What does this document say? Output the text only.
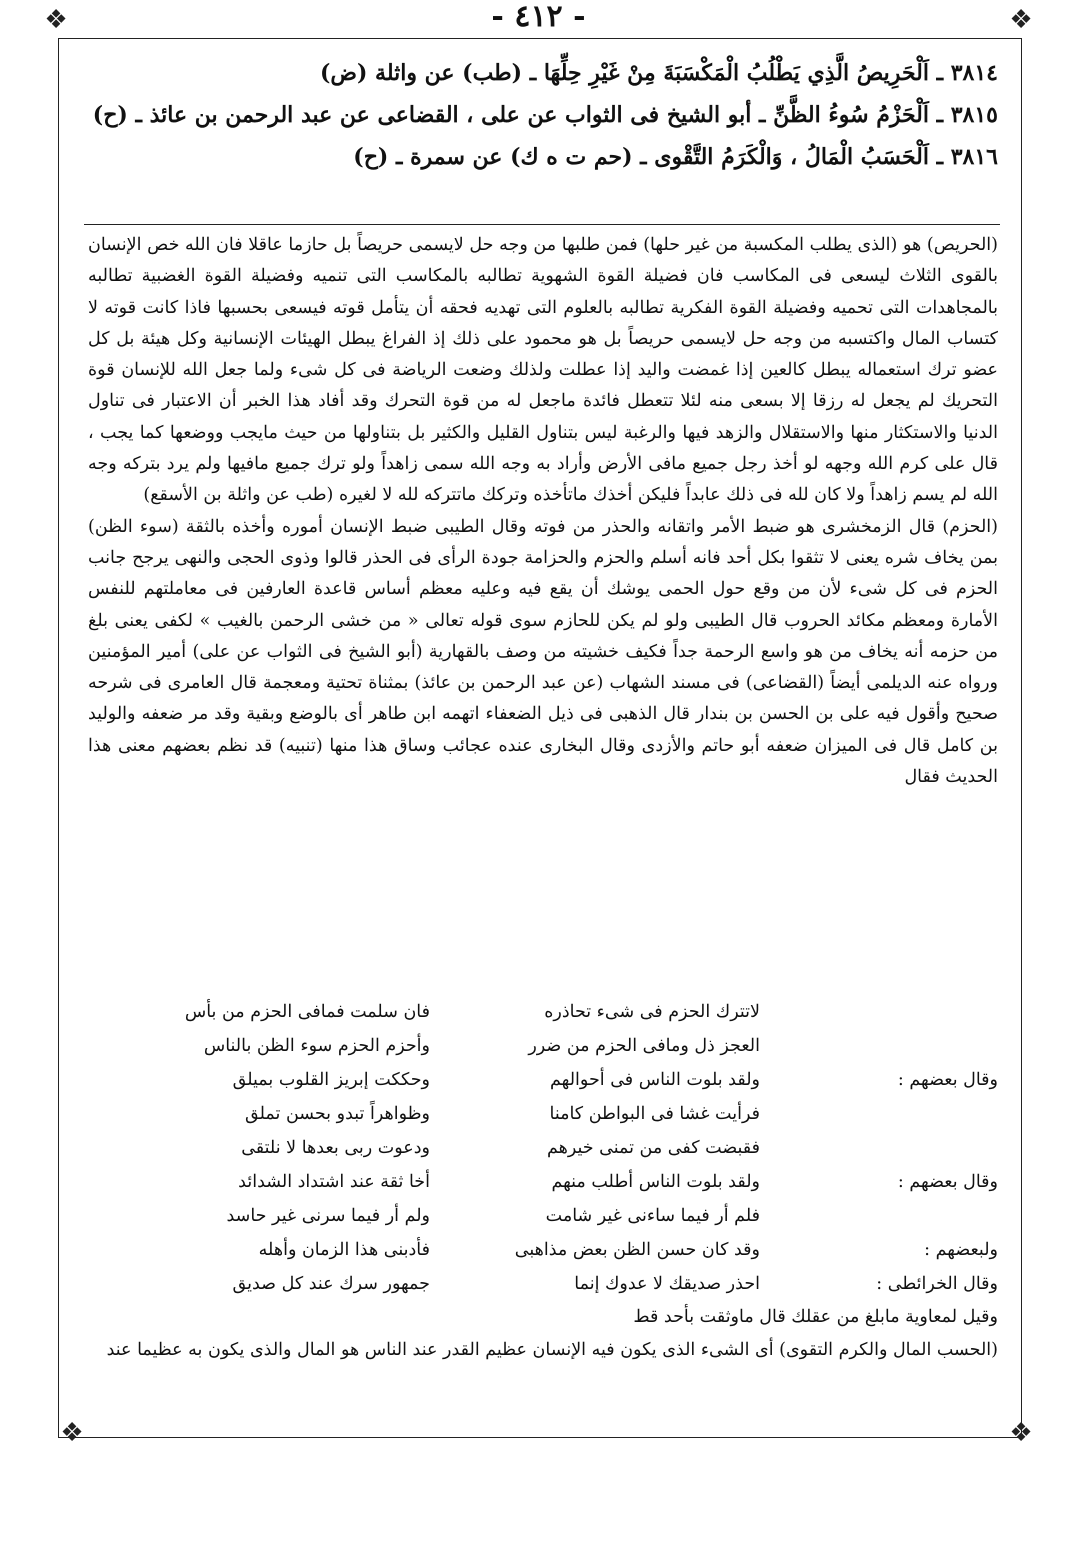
- ٤١٢ -
❖	❖
❖	❖
٣٨١٤ ـ اَلْحَرِيصُ الَّذِي يَطْلُبُ الْمَكْسَبَةَ مِنْ غَيْرِ حِلِّهَا ـ (طب) عن واثلة (ض)
٣٨١٥ ـ اَلْحَزْمُ سُوءُ الظَّنِّ ـ أبو الشيخ فى الثواب عن على ، القضاعى عن عبد الرحمن بن عائذ ـ (ح)
٣٨١٦ ـ اَلْحَسَبُ الْمَالُ ، وَالْكَرَمُ التَّقْوى ـ (حم ت ه ك) عن سمرة ـ (ح)

(الحريص) هو (الذى يطلب المكسبة من غير حلها) فمن طلبها من وجه حل لايسمى حريصاً بل حازما عاقلا فان الله خص الإنسان بالقوى الثلاث ليسعى فى المكاسب فان فضيلة القوة الشهوية تطالبه بالمكاسب التى تنميه وفضيلة القوة الغضبية تطالبه بالمجاهدات التى تحميه وفضيلة القوة الفكرية تطالبه بالعلوم التى تهديه فحقه أن يتأمل قوته فيسعى بحسبها فاذا كانت قوته لا كتساب المال واكتسبه من وجه حل لايسمى حريصاً بل هو محمود على ذلك إذ الفراغ يبطل الهيئات الإنسانية وكل هيئة بل كل عضو ترك استعماله يبطل كالعين إذا غمضت واليد إذا عطلت ولذلك وضعت الرياضة فى كل شىء ولما جعل الله للإنسان قوة التحريك لم يجعل له رزقا إلا بسعى منه لئلا تتعطل فائدة ماجعل له من قوة التحرك وقد أفاد هذا الخبر أن الاعتبار فى تناول الدنيا والاستكثار منها والاستقلال والزهد فيها والرغبة ليس بتناول القليل والكثير بل بتناولها من حيث مايجب ووضعها كما يجب ، قال على كرم الله وجهه لو أخذ رجل جميع مافى الأرض وأراد به وجه الله سمى زاهداً ولو ترك جميع مافيها ولم يرد بتركه وجه الله لم يسم زاهداً ولا كان لله فى ذلك عابداً فليكن أخذك ماتأخذه وتركك ماتتركه لله لا لغيره (طب عن واثلة بن الأسقع)

(الحزم) قال الزمخشرى هو ضبط الأمر واتقانه والحذر من فوته وقال الطيبى ضبط الإنسان أموره وأخذه بالثقة (سوء الظن) بمن يخاف شره يعنى لا تثقوا بكل أحد فانه أسلم والحزم والحزامة جودة الرأى فى الحذر قالوا وذوى الحجى والنهى يرجح جانب الحزم فى كل شىء لأن من وقع حول الحمى يوشك أن يقع فيه وعليه معظم أساس قاعدة العارفين فى معاملتهم للنفس الأمارة ومعظم مكائد الحروب قال الطيبى ولو لم يكن للحازم سوى قوله تعالى « من خشى الرحمن بالغيب » لكفى يعنى بلغ من حزمه أنه يخاف من هو واسع الرحمة جداً فكيف خشيته من وصف بالقهارية (أبو الشيخ فى الثواب عن على) أمير المؤمنين ورواه عنه الديلمى أيضاً (القضاعى) فى مسند الشهاب (عن عبد الرحمن بن عائذ) بمثناة تحتية ومعجمة قال العامرى فى شرحه صحيح وأقول فيه على بن الحسن بن بندار قال الذهبى فى ذيل الضعفاء اتهمه ابن طاهر أى بالوضع وبقية وقد مر ضعفه والوليد بن كامل قال فى الميزان ضعفه أبو حاتم والأزدى وقال البخارى عنده عجائب وساق هذا منها (تنبيه) قد نظم بعضهم معنى هذا الحديث فقال

لاتترك الحزم فى شىء تحاذره
فان سلمت فمافى الحزم من بأس
العجز ذل ومافى الحزم من ضرر
وأحزم الحزم سوء الظن بالناس
وقال بعضهم :
ولقد بلوت الناس فى أحوالهم
وحككت إبريز القلوب بميلق
فرأيت غشا فى البواطن كامنا
وظواهراً تبدو بحسن تملق
فقبضت كفى من تمنى خيرهم
ودعوت ربى بعدها لا نلتقى
وقال بعضهم :
ولقد بلوت الناس أطلب منهم
أخا ثقة عند اشتداد الشدائد
فلم أر فيما ساءنى غير شامت
ولم أر فيما سرنى غير حاسد
ولبعضهم :
وقد كان حسن الظن بعض مذاهبى
فأدبنى هذا الزمان وأهله
وقال الخرائطى :
احذر صديقك لا عدوك إنما
جمهور سرك عند كل صديق

وقيل لمعاوية مابلغ من عقلك قال ماوثقت بأحد قط

(الحسب المال والكرم التقوى) أى الشىء الذى يكون فيه الإنسان عظيم القدر عند الناس هو المال والذى يكون به عظيما عند
